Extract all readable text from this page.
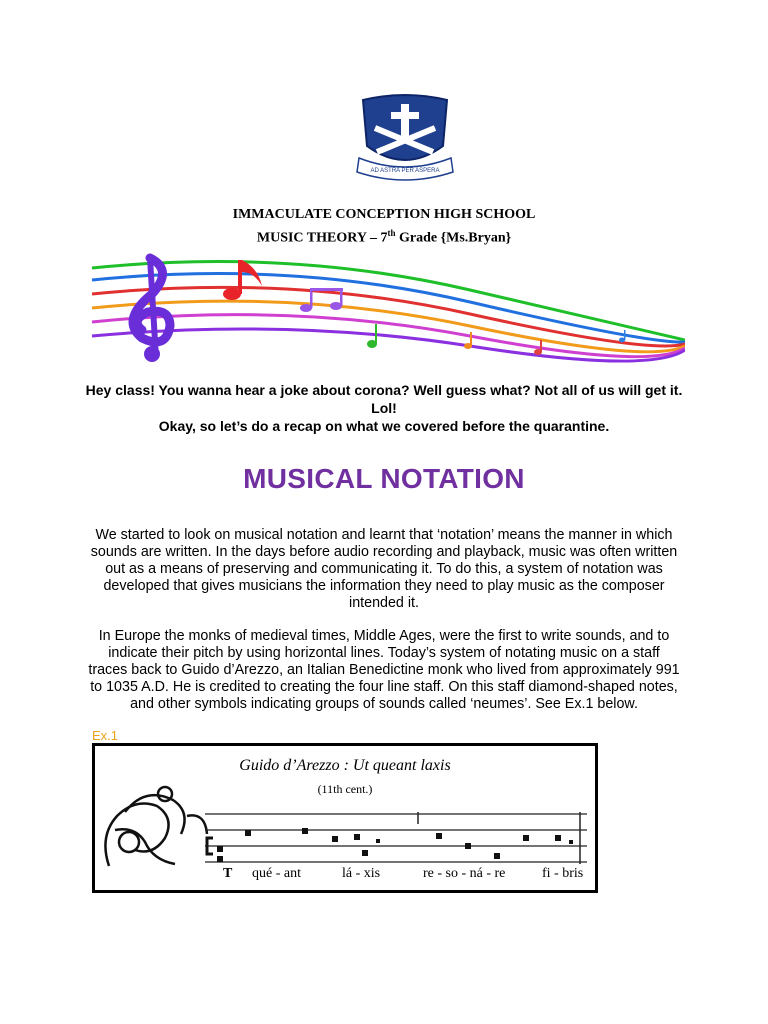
AD ASTRA PER ASPERA
IMMACULATE CONCEPTION HIGH SCHOOL
MUSIC THEORY – 7th Grade {Ms.Bryan}
Hey class! You wanna hear a joke about corona? Well guess what? Not all of us will get it. Lol!
Okay, so let’s do a recap on what we covered before the quarantine.
MUSICAL NOTATION
We started to look on musical notation and learnt that ‘notation’ means the manner in which sounds are written. In the days before audio recording and playback, music was often written out as a means of preserving and communicating it. To do this, a system of notation was developed that gives musicians the information they need to play music as the composer intended it.
In Europe the monks of medieval times, Middle Ages, were the first to write sounds, and to indicate their pitch by using horizontal lines. Today’s system of notating music on a staff traces back to Guido d’Arezzo, an Italian Benedictine monk who lived from approximately 991 to 1035 A.D. He is credited to creating the four line staff. On this staff diamond-shaped notes, and other symbols indicating groups of sounds called ‘neumes’. See Ex.1 below.
Ex.1
Guido d’Arezzo : Ut queant laxis
(11th cent.)
T qué - ant	lá - xis	re - so - ná - re	fi - bris
